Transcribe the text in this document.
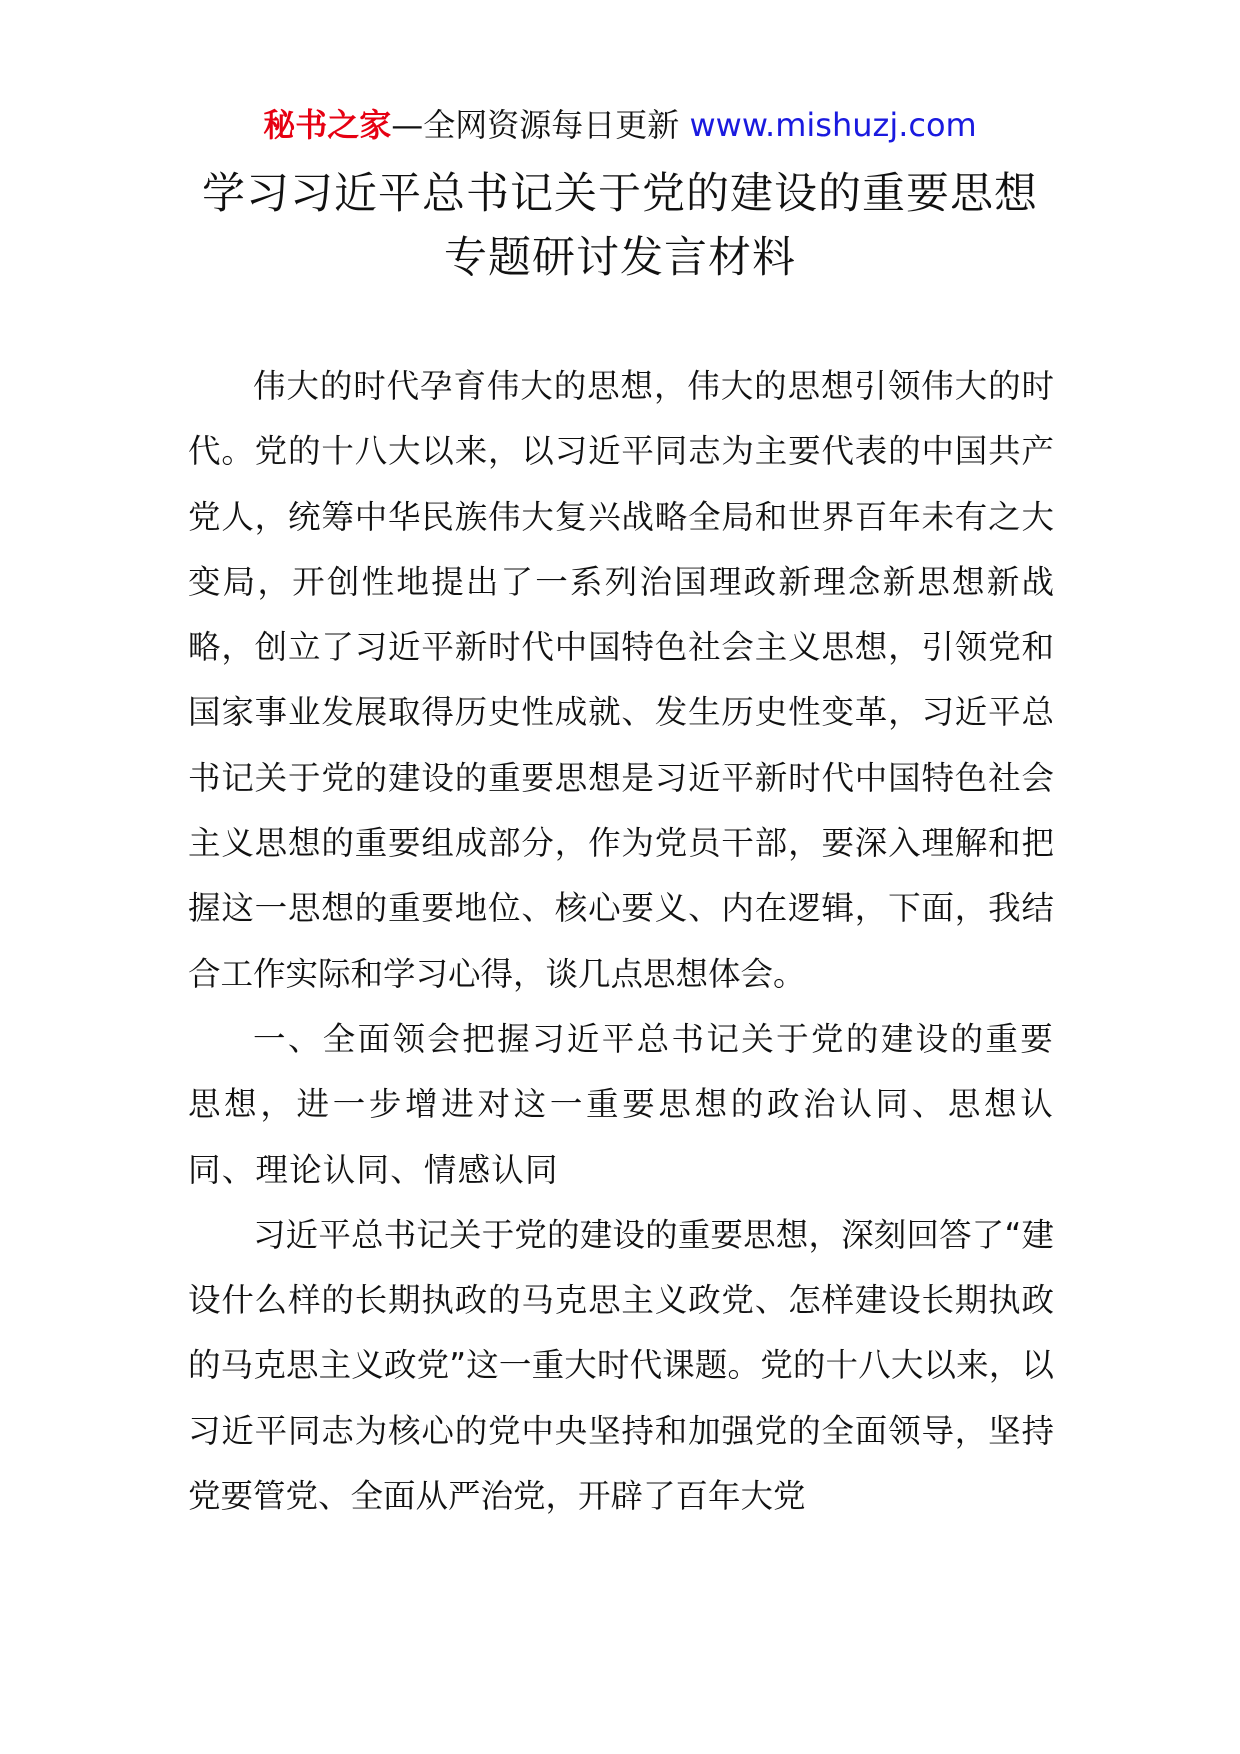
秘书之家—全网资源每日更新 www.mishuzj.com
学习习近平总书记关于党的建设的重要思想
专题研讨发言材料

伟大的时代孕育伟大的思想，伟大的思想引领伟大的时代。党的十八大以来，以习近平同志为主要代表的中国共产党人，统筹中华民族伟大复兴战略全局和世界百年未有之大变局，开创性地提出了一系列治国理政新理念新思想新战略，创立了习近平新时代中国特色社会主义思想，引领党和国家事业发展取得历史性成就、发生历史性变革，习近平总书记关于党的建设的重要思想是习近平新时代中国特色社会主义思想的重要组成部分，作为党员干部，要深入理解和把握这一思想的重要地位、核心要义、内在逻辑，下面，我结合工作实际和学习心得，谈几点思想体会。

一、全面领会把握习近平总书记关于党的建设的重要思想，进一步增进对这一重要思想的政治认同、思想认同、理论认同、情感认同

习近平总书记关于党的建设的重要思想，深刻回答了“建设什么样的长期执政的马克思主义政党、怎样建设长期执政的马克思主义政党”这一重大时代课题。党的十八大以来，以习近平同志为核心的党中央坚持和加强党的全面领导，坚持党要管党、全面从严治党，开辟了百年大党
